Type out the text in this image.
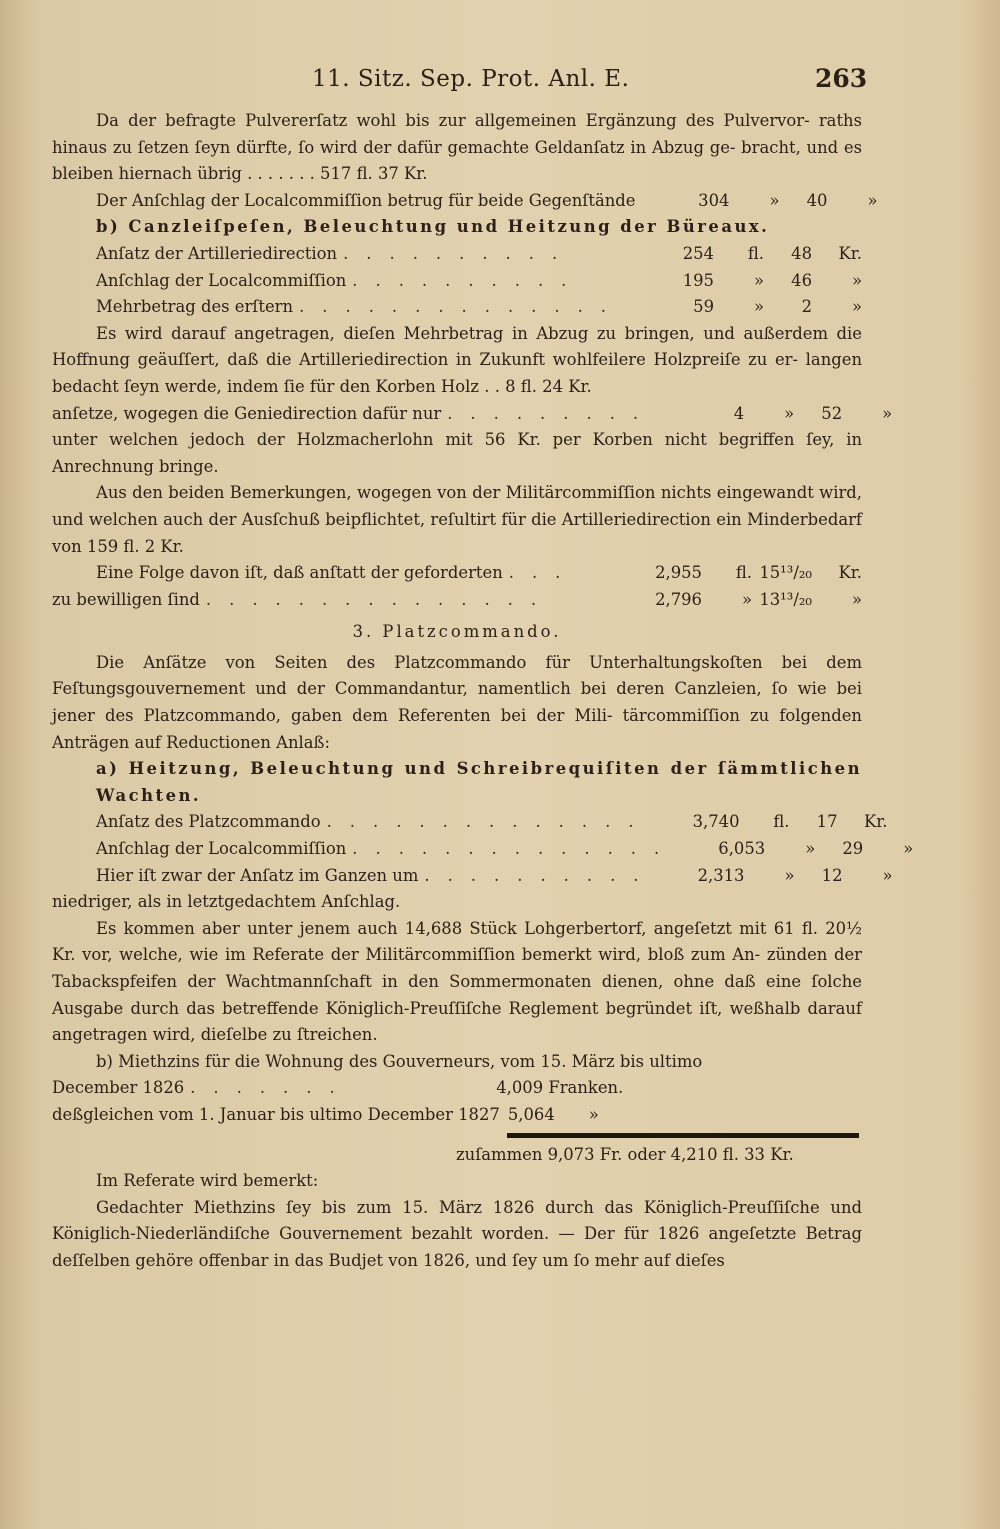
11. Sitz. Sep. Prot. Anl. E.	263

Da der befragte Pulvererſatz wohl bis zur allgemeinen Ergänzung des Pulvervor- raths hinaus zu ſetzen ſeyn dürfte, ſo wird der dafür gemachte Geldanſatz in Abzug ge- bracht, und es bleiben hiernach übrig . . . . . . . 517 fl. 37 Kr.

Der Anſchlag der Localcommiſſion betrug für beide Gegenſtände	304	»	40	»

b) Canzleiſpeſen, Beleuchtung und Heitzung der Büreaux.

Anſatz der Artilleriedirection ..........	254	fl.	48	Kr.
Anſchlag der Localcommiſſion ..........	195	»	46	»
Mehrbetrag des erſtern ..............	59	»	2	»

Es wird darauf angetragen, dieſen Mehrbetrag in Abzug zu bringen, und außerdem die Hoffnung geäuſſert, daß die Artilleriedirection in Zukunft wohlfeilere Holzpreiſe zu er- langen bedacht ſeyn werde, indem ſie für den Korben Holz . . 8 fl. 24 Kr.

anſetze, wogegen die Geniedirection dafür nur .........	4	»	52	»

unter welchen jedoch der Holzmacherlohn mit 56 Kr. per Korben nicht begriffen ſey, in Anrechnung bringe.

Aus den beiden Bemerkungen, wogegen von der Militärcommiſſion nichts eingewandt wird, und welchen auch der Ausſchuß beipflichtet, reſultirt für die Artilleriedirection ein Minderbedarf von 159 fl. 2 Kr.

Eine Folge davon iſt, daß anſtatt der geforderten ...	2,955	fl. 15¹³/₂₀	Kr.
zu bewilligen ſind ...............	2,796	» 13¹³/₂₀	»

3. Platzcommando.

Die Anſätze von Seiten des Platzcommando für Unterhaltungskoſten bei dem Feſtungsgouvernement und der Commandantur, namentlich bei deren Canzleien, ſo wie bei jener des Platzcommando, gaben dem Referenten bei der Mili- tärcommiſſion zu folgenden Anträgen auf Reductionen Anlaß:

a) Heitzung, Beleuchtung und Schreibrequiſiten der ſämmtlichen Wachten.

Anſatz des Platzcommando ..............	3,740	fl.	17	Kr.
Anſchlag der Localcommiſſion ..............	6,053	»	29	»
Hier iſt zwar der Anſatz im Ganzen um ..........	2,313	»	12	»

niedriger, als in letztgedachtem Anſchlag.

Es kommen aber unter jenem auch 14,688 Stück Lohgerbertorf, angeſetzt mit 61 fl. 20½ Kr. vor, welche, wie im Referate der Militärcommiſſion bemerkt wird, bloß zum An- zünden der Tabackspfeifen der Wachtmannſchaft in den Sommermonaten dienen, ohne daß eine ſolche Ausgabe durch das betreffende Königlich-Preuſſiſche Reglement begründet iſt, weßhalb darauf angetragen wird, dieſelbe zu ſtreichen.

b) Miethzins für die Wohnung des Gouverneurs, vom 15. März bis ultimo

December 1826 .......	4,009 Franken.
deßgleichen vom 1. Januar bis ultimo December 1827 5,064	»

zuſammen 9,073 Fr. oder 4,210 fl. 33 Kr.

Im Referate wird bemerkt:

Gedachter Miethzins ſey bis zum 15. März 1826 durch das Königlich-Preuſſiſche und Königlich-Niederländiſche Gouvernement bezahlt worden. — Der für 1826 angeſetzte Betrag deſſelben gehöre offenbar in das Budjet von 1826, und ſey um ſo mehr auf dieſes
